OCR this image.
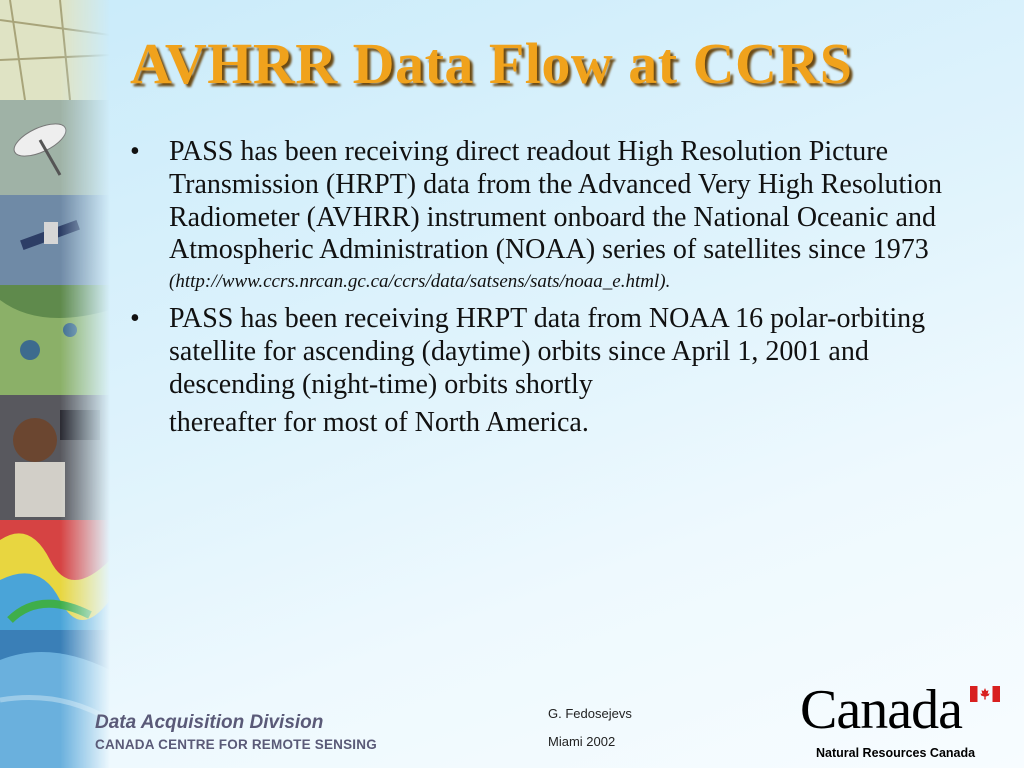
AVHRR Data Flow at CCRS
• PASS has been receiving direct readout High Resolution Picture Transmission (HRPT) data from the Advanced Very High Resolution Radiometer (AVHRR) instrument onboard the National Oceanic and Atmospheric Administration (NOAA) series of satellites since 1973
(http://www.ccrs.nrcan.gc.ca/ccrs/data/satsens/sats/noaa_e.html).
• PASS has been receiving HRPT data from NOAA 16 polar-orbiting satellite for ascending (daytime) orbits since April 1, 2001 and descending (night-time) orbits shortly
thereafter for most of North America.
Data Acquisition Division
CANADA CENTRE FOR REMOTE SENSING
G. Fedosejevs
Miami 2002
Canada
Natural Resources Canada
